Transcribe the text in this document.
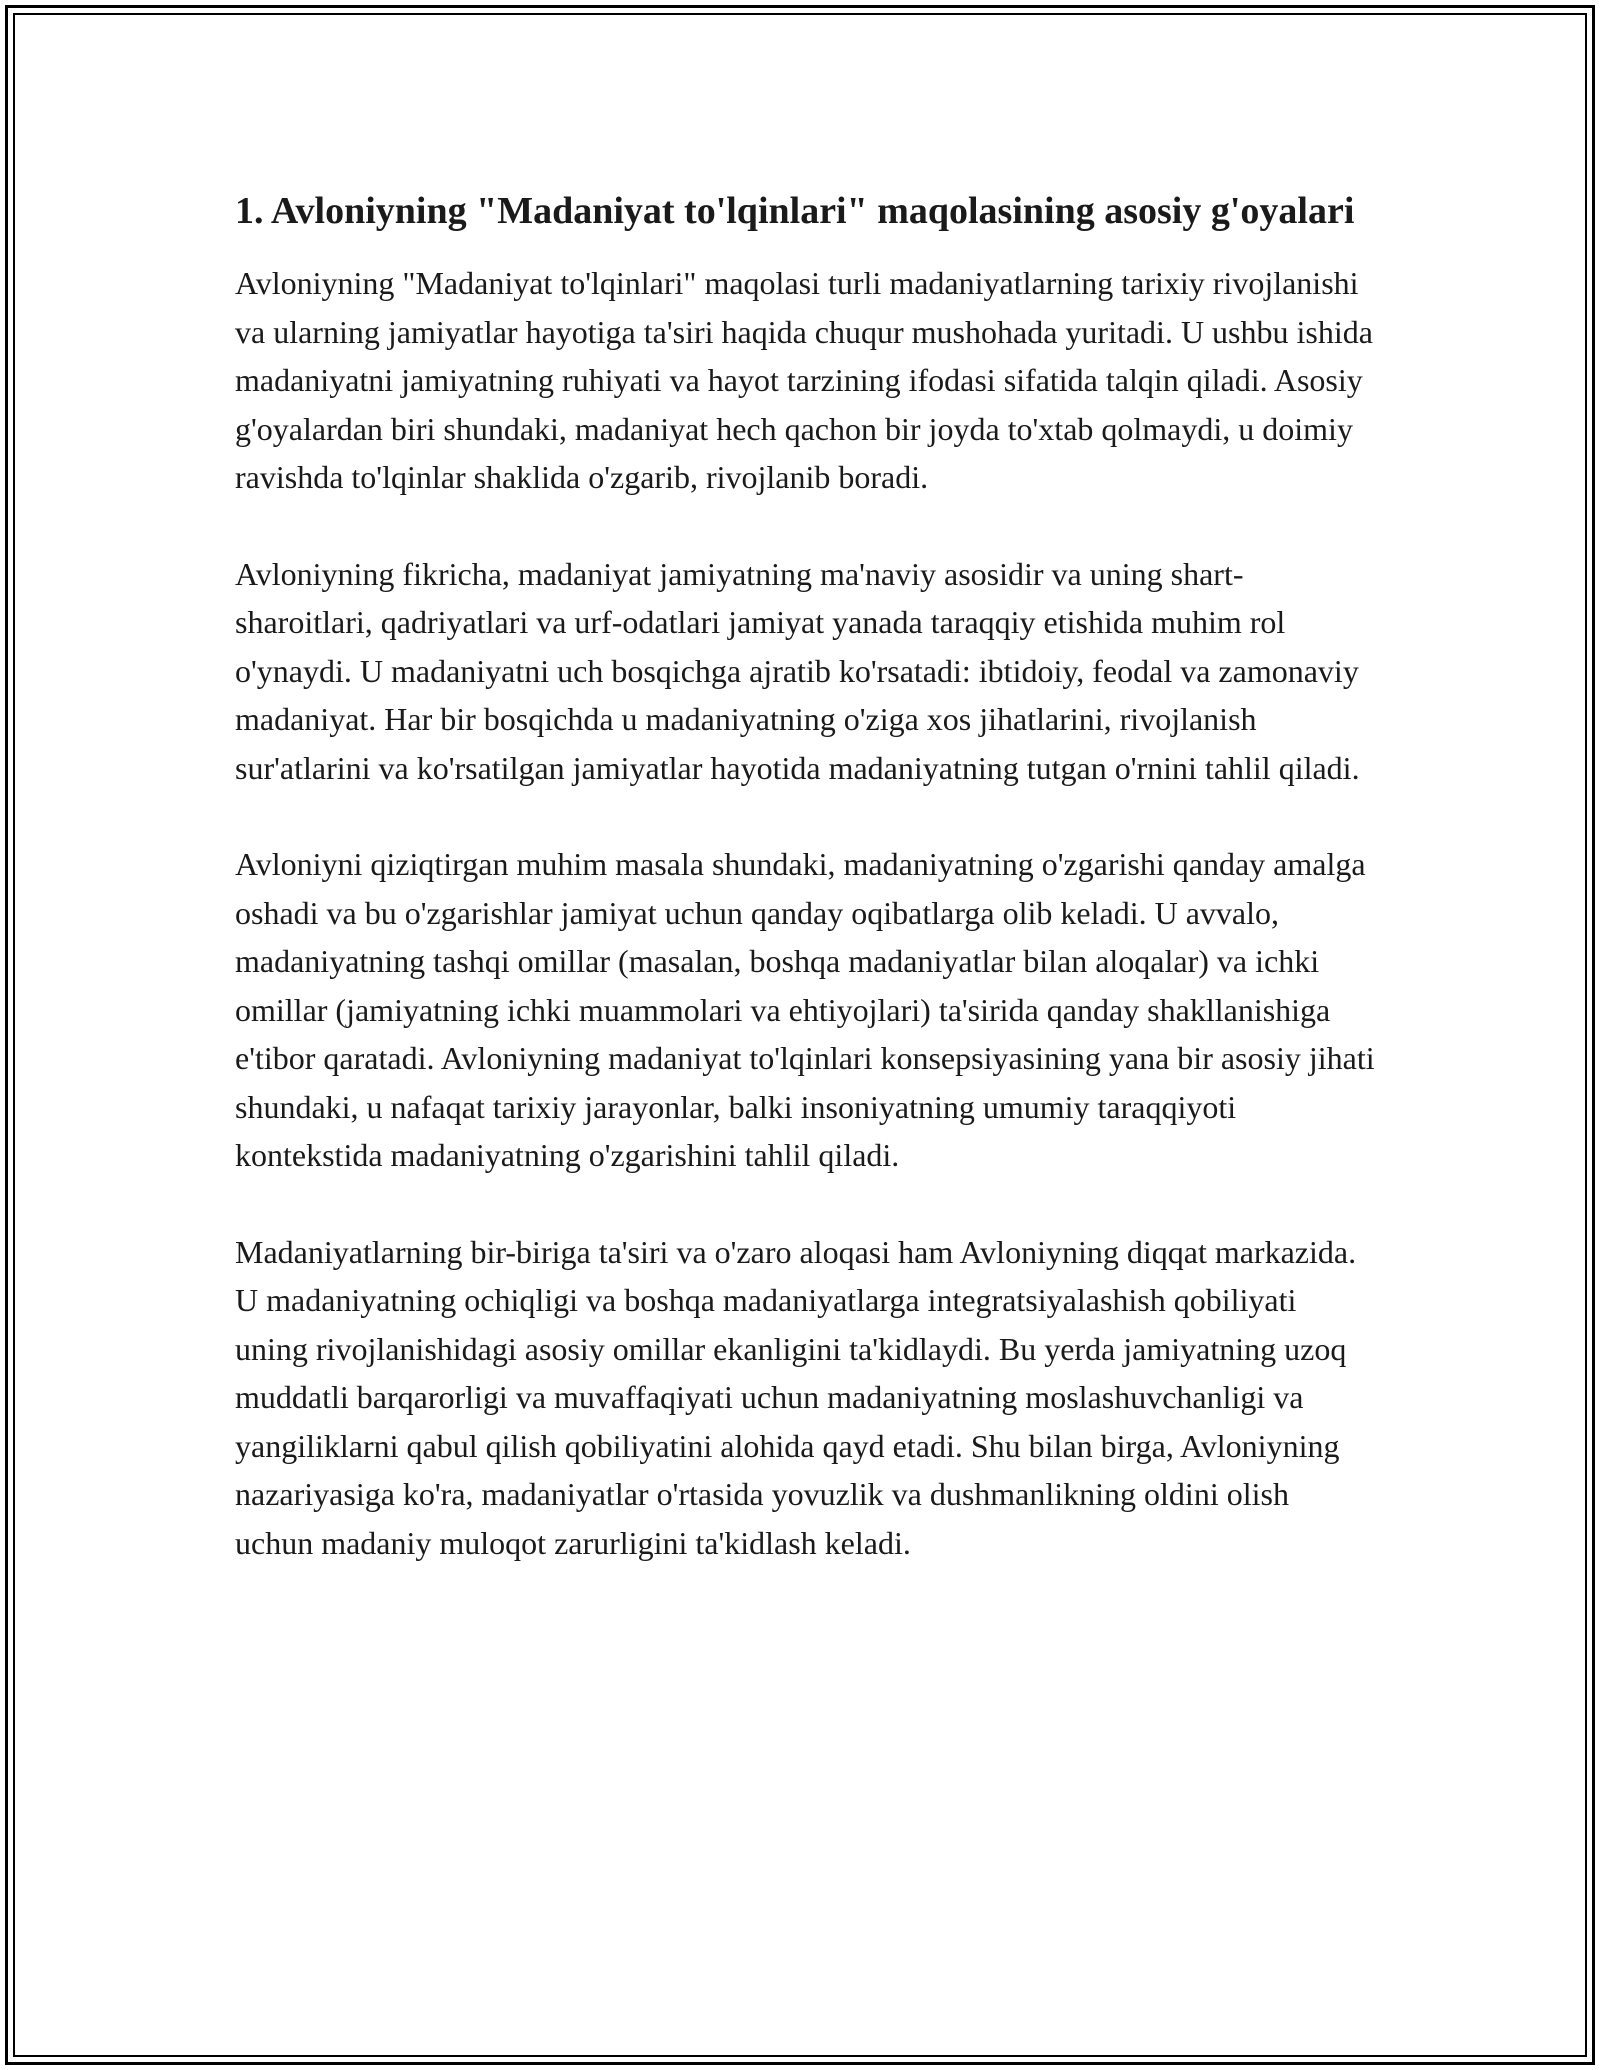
1. Avloniyning "Madaniyat to'lqinlari" maqolasining asosiy g'oyalari

Avloniyning "Madaniyat to'lqinlari" maqolasi turli madaniyatlarning tarixiy rivojlanishi va ularning jamiyatlar hayotiga ta'siri haqida chuqur mushohada yuritadi. U ushbu ishida madaniyatni jamiyatning ruhiyati va hayot tarzining ifodasi sifatida talqin qiladi. Asosiy g'oyalardan biri shundaki, madaniyat hech qachon bir joyda to'xtab qolmaydi, u doimiy ravishda to'lqinlar shaklida o'zgarib, rivojlanib boradi.

Avloniyning fikricha, madaniyat jamiyatning ma'naviy asosidir va uning shart-sharoitlari, qadriyatlari va urf-odatlari jamiyat yanada taraqqiy etishida muhim rol o'ynaydi. U madaniyatni uch bosqichga ajratib ko'rsatadi: ibtidoiy, feodal va zamonaviy madaniyat. Har bir bosqichda u madaniyatning o'ziga xos jihatlarini, rivojlanish sur'atlarini va ko'rsatilgan jamiyatlar hayotida madaniyatning tutgan o'rnini tahlil qiladi.

Avloniyni qiziqtirgan muhim masala shundaki, madaniyatning o'zgarishi qanday amalga oshadi va bu o'zgarishlar jamiyat uchun qanday oqibatlarga olib keladi. U avvalo, madaniyatning tashqi omillar (masalan, boshqa madaniyatlar bilan aloqalar) va ichki omillar (jamiyatning ichki muammolari va ehtiyojlari) ta'sirida qanday shakllanishiga e'tibor qaratadi. Avloniyning madaniyat to'lqinlari konsepsiyasining yana bir asosiy jihati shundaki, u nafaqat tarixiy jarayonlar, balki insoniyatning umumiy taraqqiyoti kontekstida madaniyatning o'zgarishini tahlil qiladi.

Madaniyatlarning bir-biriga ta'siri va o'zaro aloqasi ham Avloniyning diqqat markazida. U madaniyatning ochiqligi va boshqa madaniyatlarga integratsiyalashish qobiliyati uning rivojlanishidagi asosiy omillar ekanligini ta'kidlaydi. Bu yerda jamiyatning uzoq muddatli barqarorligi va muvaffaqiyati uchun madaniyatning moslashuvchanligi va yangiliklarni qabul qilish qobiliyatini alohida qayd etadi. Shu bilan birga, Avloniyning nazariyasiga ko'ra, madaniyatlar o'rtasida yovuzlik va dushmanlikning oldini olish uchun madaniy muloqot zarurligini ta'kidlash keladi.
